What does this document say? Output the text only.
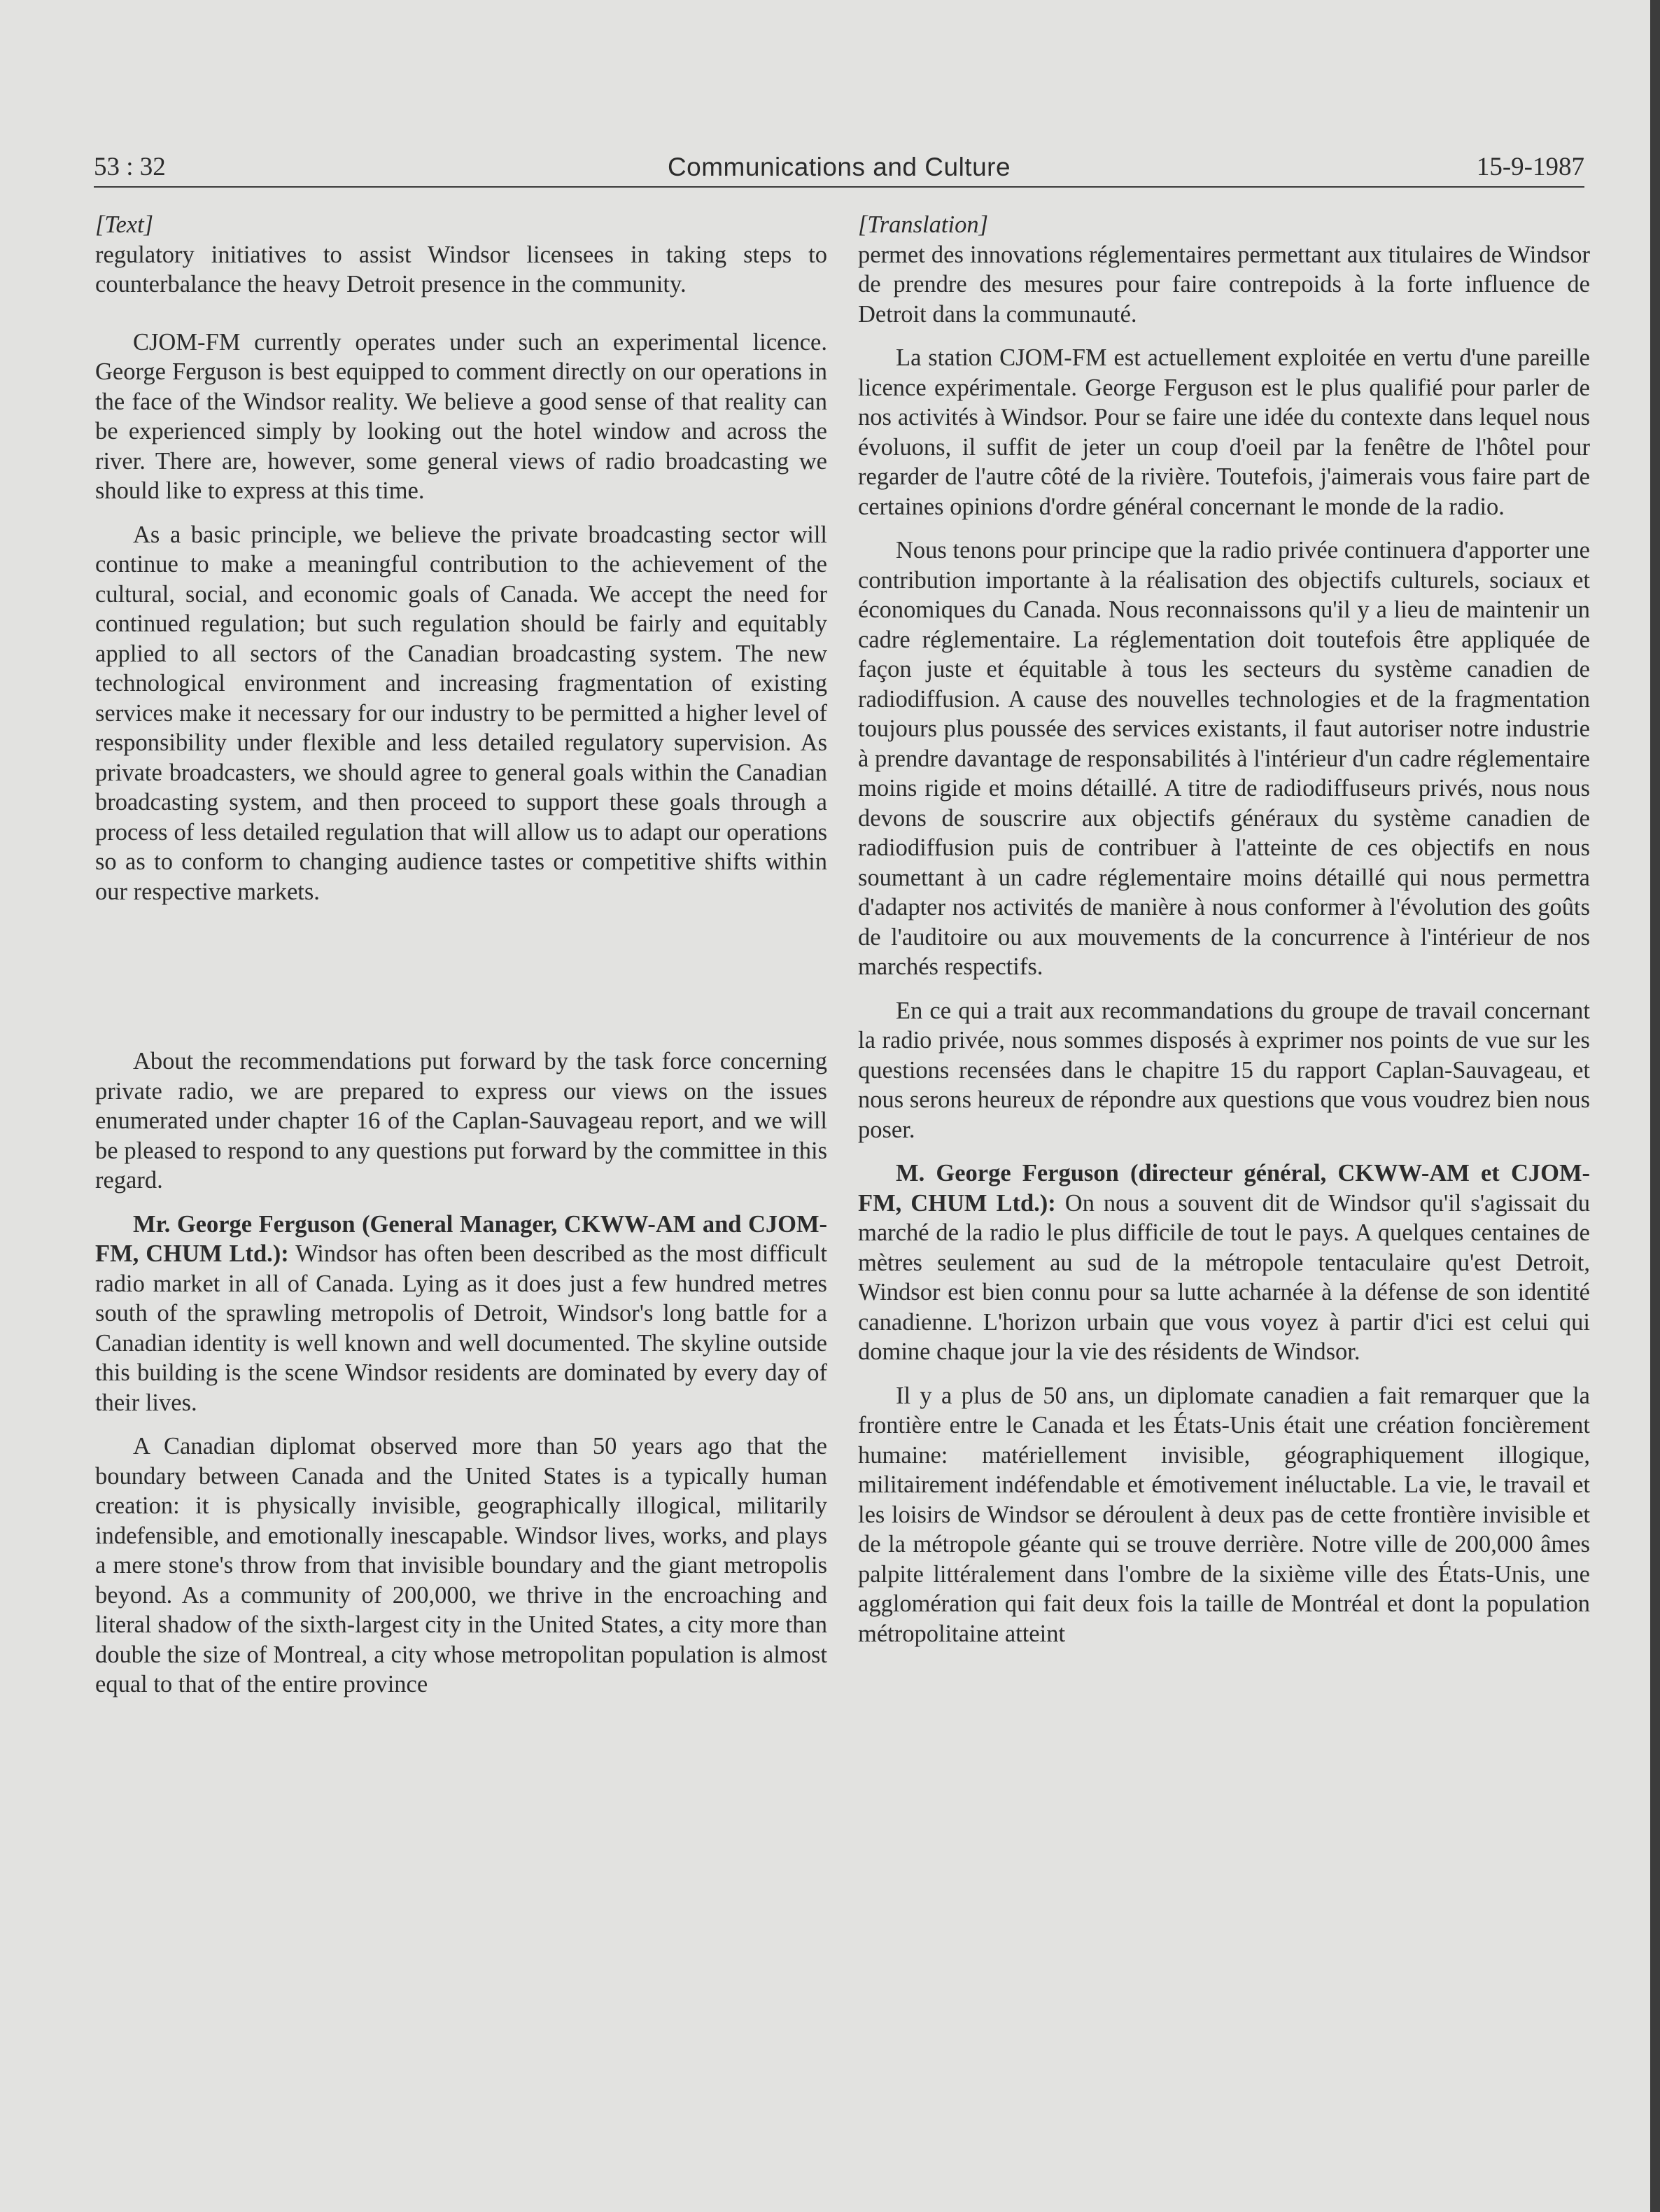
53 : 32	Communications and Culture	15-9-1987

[Text]

regulatory initiatives to assist Windsor licensees in taking steps to counterbalance the heavy Detroit presence in the community.

CJOM-FM currently operates under such an experimental licence. George Ferguson is best equipped to comment directly on our operations in the face of the Windsor reality. We believe a good sense of that reality can be experienced simply by looking out the hotel window and across the river. There are, however, some general views of radio broadcasting we should like to express at this time.

As a basic principle, we believe the private broadcasting sector will continue to make a meaningful contribution to the achievement of the cultural, social, and economic goals of Canada. We accept the need for continued regulation; but such regulation should be fairly and equitably applied to all sectors of the Canadian broadcasting system. The new technological environment and increasing fragmentation of existing services make it necessary for our industry to be permitted a higher level of responsibility under flexible and less detailed regulatory supervision. As private broadcasters, we should agree to general goals within the Canadian broadcasting system, and then proceed to support these goals through a process of less detailed regulation that will allow us to adapt our operations so as to conform to changing audience tastes or competitive shifts within our respective markets.

About the recommendations put forward by the task force concerning private radio, we are prepared to express our views on the issues enumerated under chapter 16 of the Caplan-Sauvageau report, and we will be pleased to respond to any questions put forward by the committee in this regard.

Mr. George Ferguson (General Manager, CKWW-AM and CJOM-FM, CHUM Ltd.): Windsor has often been described as the most difficult radio market in all of Canada. Lying as it does just a few hundred metres south of the sprawling metropolis of Detroit, Windsor's long battle for a Canadian identity is well known and well documented. The skyline outside this building is the scene Windsor residents are dominated by every day of their lives.

A Canadian diplomat observed more than 50 years ago that the boundary between Canada and the United States is a typically human creation: it is physically invisible, geographically illogical, militarily indefensible, and emotionally inescapable. Windsor lives, works, and plays a mere stone's throw from that invisible boundary and the giant metropolis beyond. As a community of 200,000, we thrive in the encroaching and literal shadow of the sixth-largest city in the United States, a city more than double the size of Montreal, a city whose metropolitan population is almost equal to that of the entire province

[Translation]

permet des innovations réglementaires permettant aux titulaires de Windsor de prendre des mesures pour faire contrepoids à la forte influence de Detroit dans la communauté.

La station CJOM-FM est actuellement exploitée en vertu d'une pareille licence expérimentale. George Ferguson est le plus qualifié pour parler de nos activités à Windsor. Pour se faire une idée du contexte dans lequel nous évoluons, il suffit de jeter un coup d'oeil par la fenêtre de l'hôtel pour regarder de l'autre côté de la rivière. Toutefois, j'aimerais vous faire part de certaines opinions d'ordre général concernant le monde de la radio.

Nous tenons pour principe que la radio privée continuera d'apporter une contribution importante à la réalisation des objectifs culturels, sociaux et économiques du Canada. Nous reconnaissons qu'il y a lieu de maintenir un cadre réglementaire. La réglementation doit toutefois être appliquée de façon juste et équitable à tous les secteurs du système canadien de radiodiffusion. A cause des nouvelles technologies et de la fragmentation toujours plus poussée des services existants, il faut autoriser notre industrie à prendre davantage de responsabilités à l'intérieur d'un cadre réglementaire moins rigide et moins détaillé. A titre de radiodiffuseurs privés, nous nous devons de souscrire aux objectifs généraux du système canadien de radiodiffusion puis de contribuer à l'atteinte de ces objectifs en nous soumettant à un cadre réglementaire moins détaillé qui nous permettra d'adapter nos activités de manière à nous conformer à l'évolution des goûts de l'auditoire ou aux mouvements de la concurrence à l'intérieur de nos marchés respectifs.

En ce qui a trait aux recommandations du groupe de travail concernant la radio privée, nous sommes disposés à exprimer nos points de vue sur les questions recensées dans le chapitre 15 du rapport Caplan-Sauvageau, et nous serons heureux de répondre aux questions que vous voudrez bien nous poser.

M. George Ferguson (directeur général, CKWW-AM et CJOM-FM, CHUM Ltd.): On nous a souvent dit de Windsor qu'il s'agissait du marché de la radio le plus difficile de tout le pays. A quelques centaines de mètres seulement au sud de la métropole tentaculaire qu'est Detroit, Windsor est bien connu pour sa lutte acharnée à la défense de son identité canadienne. L'horizon urbain que vous voyez à partir d'ici est celui qui domine chaque jour la vie des résidents de Windsor.

Il y a plus de 50 ans, un diplomate canadien a fait remarquer que la frontière entre le Canada et les États-Unis était une création foncièrement humaine: matériellement invisible, géographiquement illogique, militairement indéfendable et émotivement inéluctable. La vie, le travail et les loisirs de Windsor se déroulent à deux pas de cette frontière invisible et de la métropole géante qui se trouve derrière. Notre ville de 200,000 âmes palpite littéralement dans l'ombre de la sixième ville des États-Unis, une agglomération qui fait deux fois la taille de Montréal et dont la population métropolitaine atteint
